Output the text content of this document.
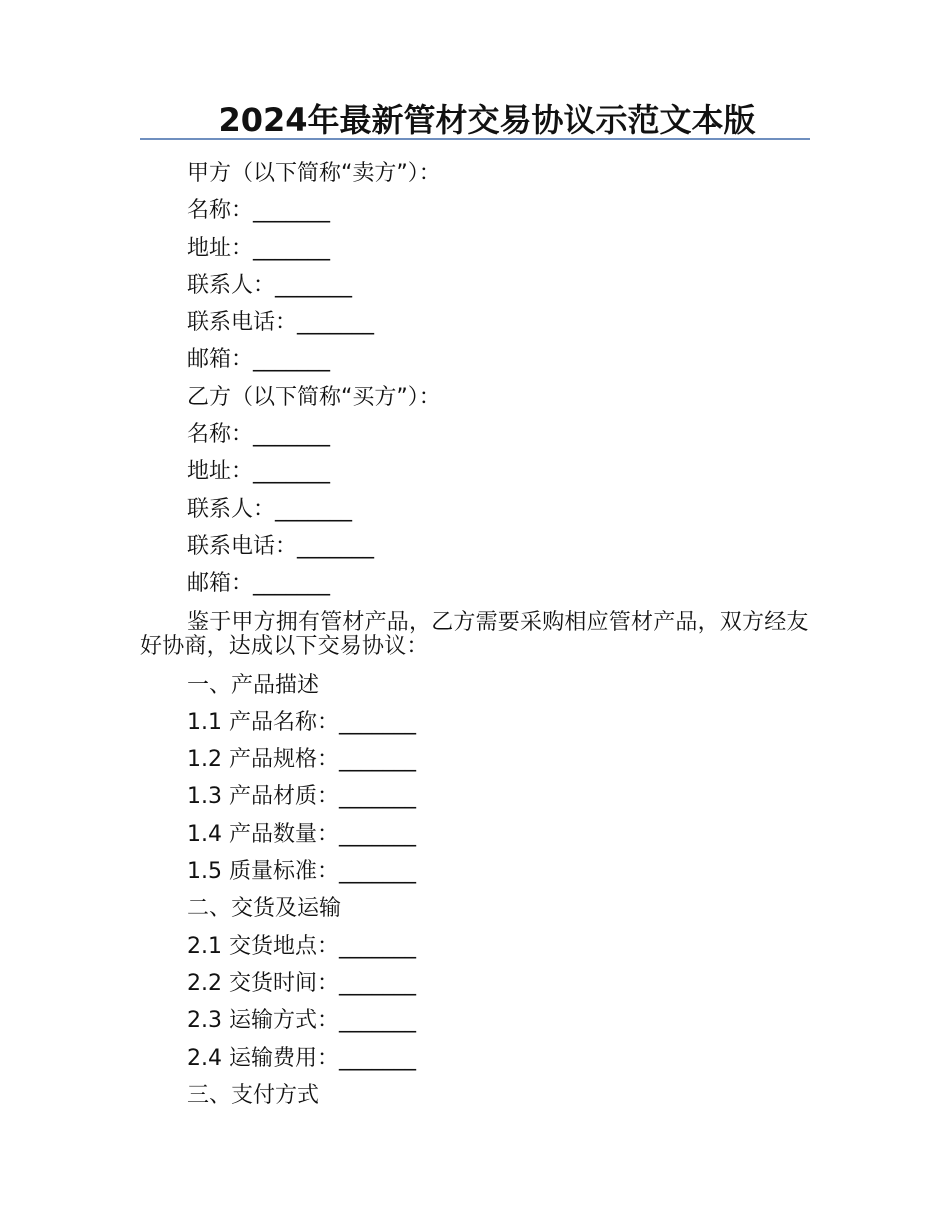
2024年最新管材交易协议示范文本版
甲方（以下简称“卖方”）：
名称：_______
地址：_______
联系人：_______
联系电话：_______
邮箱：_______
乙方（以下简称“买方”）：
名称：_______
地址：_______
联系人：_______
联系电话：_______
邮箱：_______
鉴于甲方拥有管材产品，乙方需要采购相应管材产品，双方经友好协商，达成以下交易协议：
一、产品描述
1.1 产品名称：_______
1.2 产品规格：_______
1.3 产品材质：_______
1.4 产品数量：_______
1.5 质量标准：_______
二、交货及运输
2.1 交货地点：_______
2.2 交货时间：_______
2.3 运输方式：_______
2.4 运输费用：_______
三、支付方式
